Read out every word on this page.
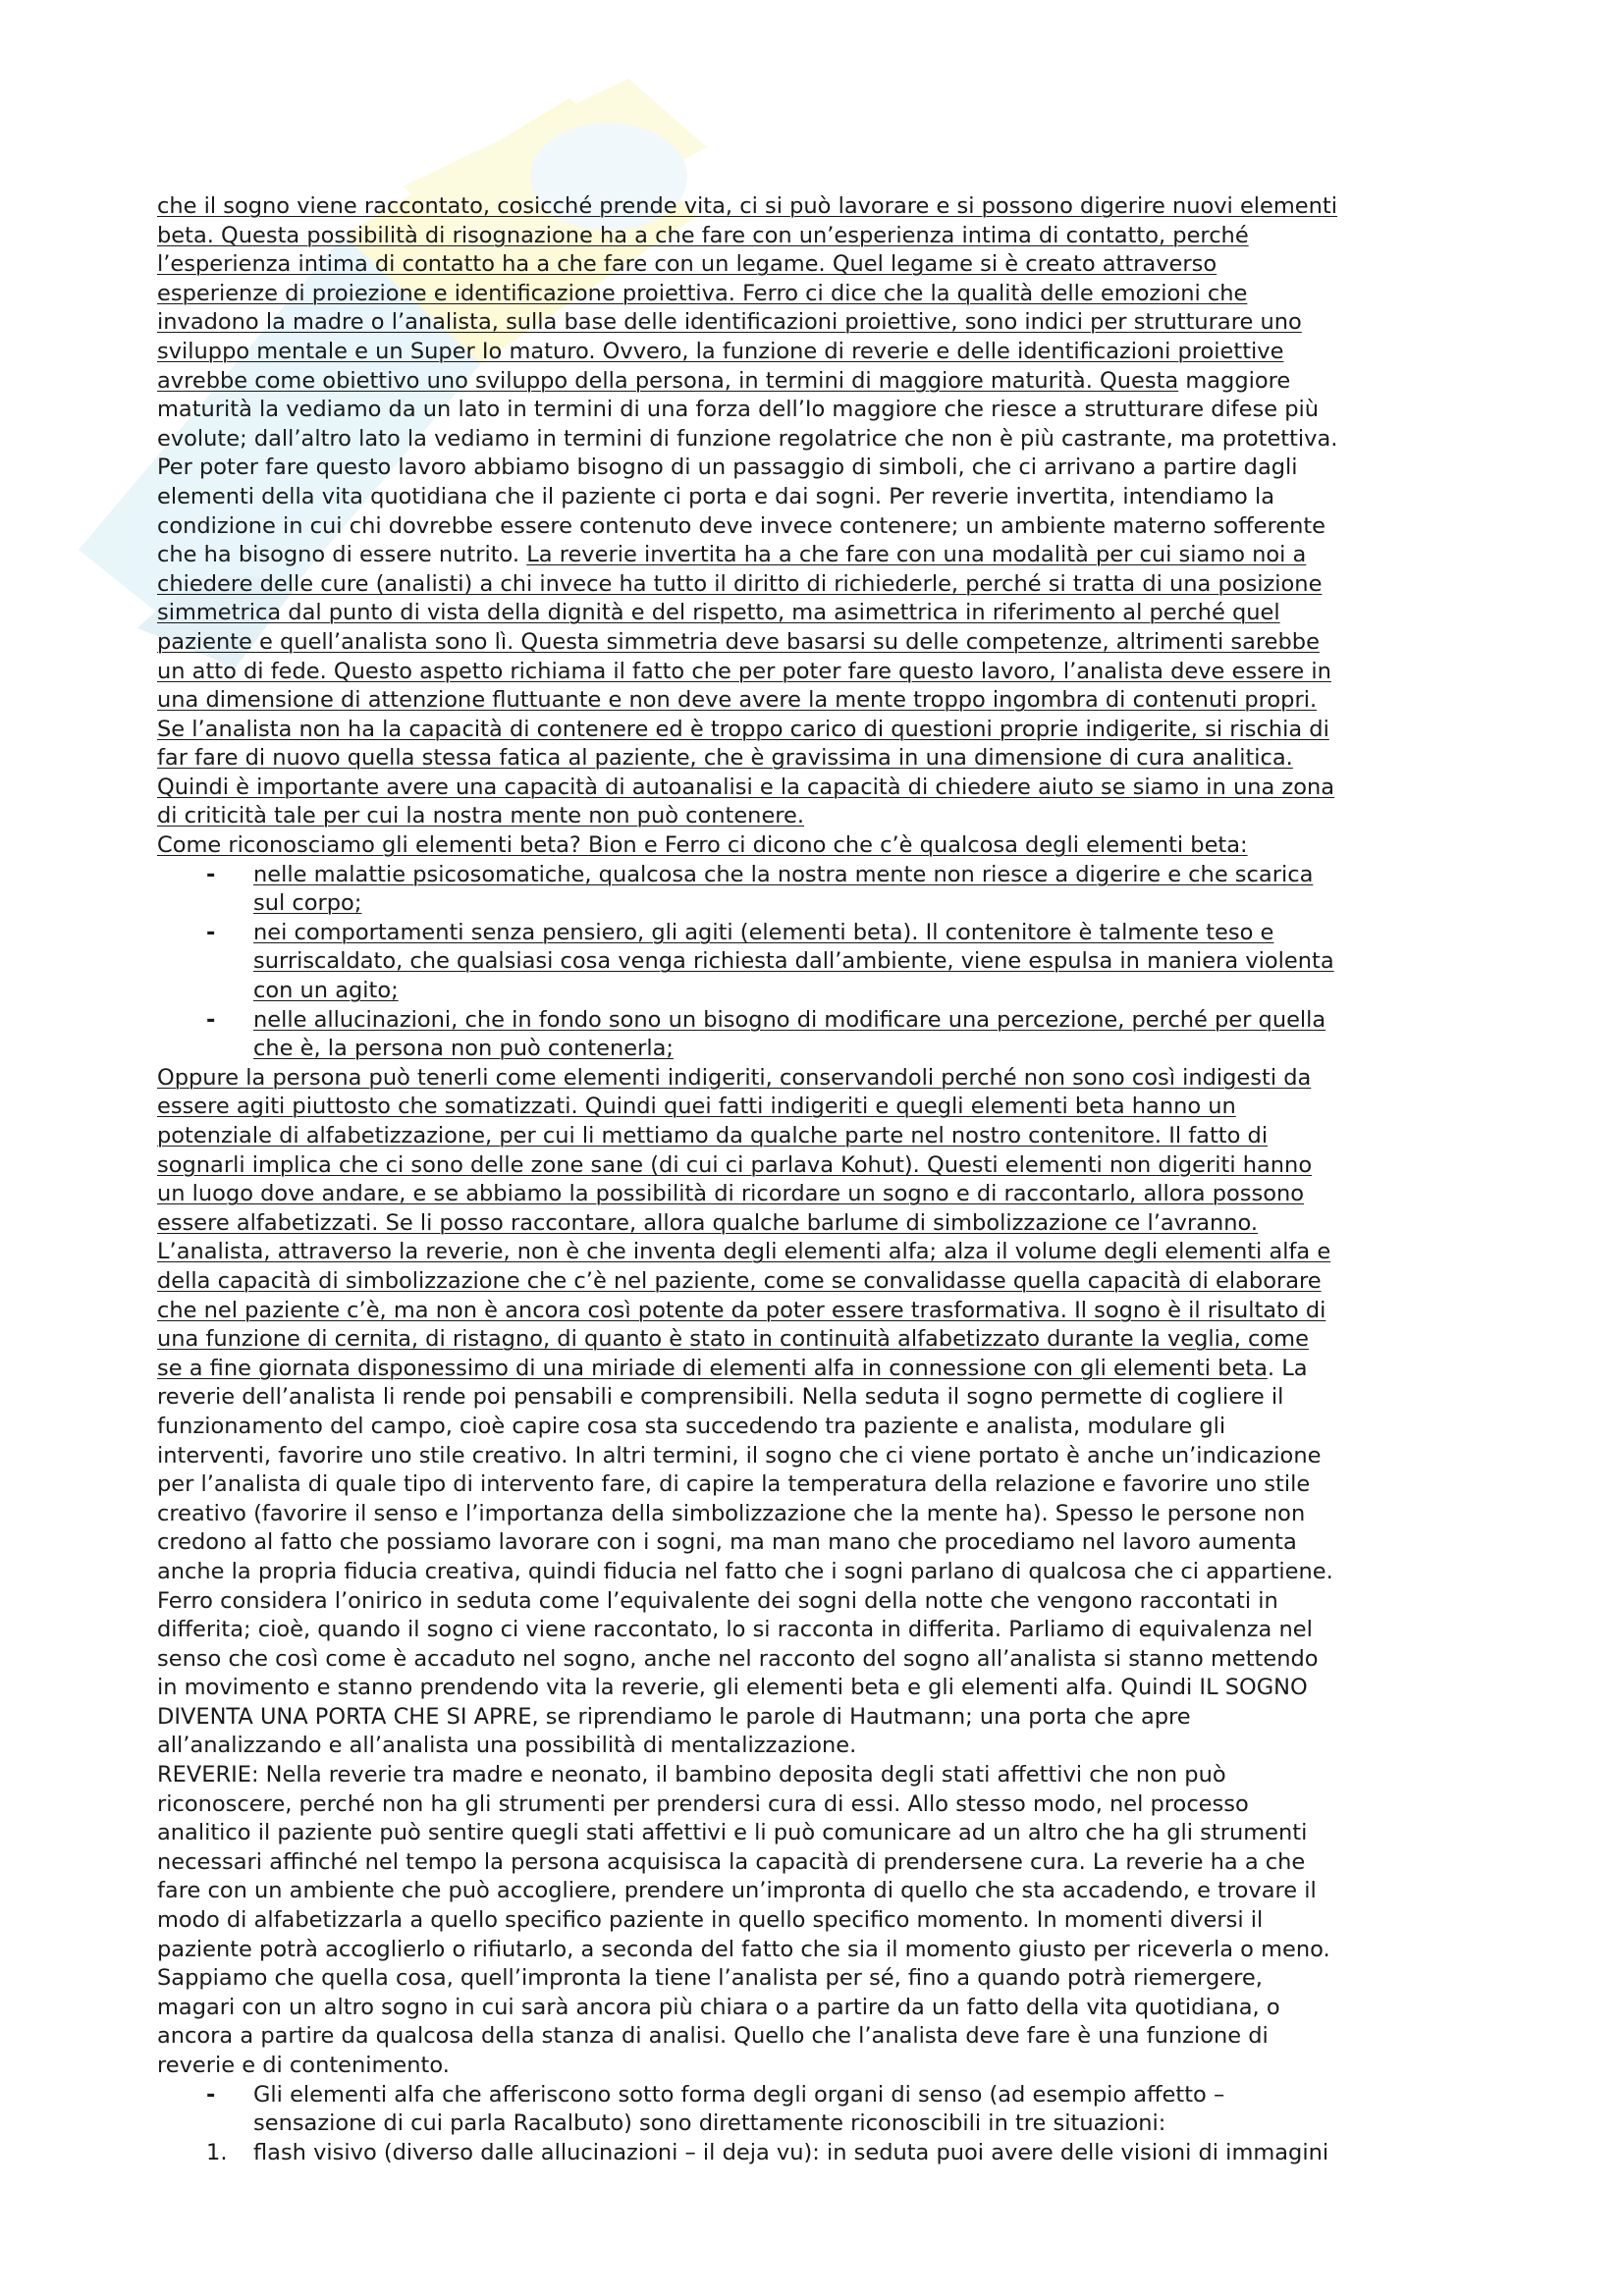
che il sogno viene raccontato, cosicché prende vita, ci si può lavorare e si possono digerire nuovi elementi
beta. Questa possibilità di risognazione ha a che fare con un’esperienza intima di contatto, perché
l’esperienza intima di contatto ha a che fare con un legame. Quel legame si è creato attraverso
esperienze di proiezione e identificazione proiettiva. Ferro ci dice che la qualità delle emozioni che
invadono la madre o l’analista, sulla base delle identificazioni proiettive, sono indici per strutturare uno
sviluppo mentale e un Super Io maturo. Ovvero, la funzione di reverie e delle identificazioni proiettive
avrebbe come obiettivo uno sviluppo della persona, in termini di maggiore maturità. Questa maggiore
maturità la vediamo da un lato in termini di una forza dell’Io maggiore che riesce a strutturare difese più
evolute; dall’altro lato la vediamo in termini di funzione regolatrice che non è più castrante, ma protettiva.
Per poter fare questo lavoro abbiamo bisogno di un passaggio di simboli, che ci arrivano a partire dagli
elementi della vita quotidiana che il paziente ci porta e dai sogni. Per reverie invertita, intendiamo la
condizione in cui chi dovrebbe essere contenuto deve invece contenere; un ambiente materno sofferente
che ha bisogno di essere nutrito. La reverie invertita ha a che fare con una modalità per cui siamo noi a
chiedere delle cure (analisti) a chi invece ha tutto il diritto di richiederle, perché si tratta di una posizione
simmetrica dal punto di vista della dignità e del rispetto, ma asimettrica in riferimento al perché quel
paziente e quell’analista sono lì. Questa simmetria deve basarsi su delle competenze, altrimenti sarebbe
un atto di fede. Questo aspetto richiama il fatto che per poter fare questo lavoro, l’analista deve essere in
una dimensione di attenzione fluttuante e non deve avere la mente troppo ingombra di contenuti propri.
Se l’analista non ha la capacità di contenere ed è troppo carico di questioni proprie indigerite, si rischia di
far fare di nuovo quella stessa fatica al paziente, che è gravissima in una dimensione di cura analitica.
Quindi è importante avere una capacità di autoanalisi e la capacità di chiedere aiuto se siamo in una zona
di criticità tale per cui la nostra mente non può contenere.
Come riconosciamo gli elementi beta? Bion e Ferro ci dicono che c’è qualcosa degli elementi beta:
-	nelle malattie psicosomatiche, qualcosa che la nostra mente non riesce a digerire e che scarica
sul corpo;
-	nei comportamenti senza pensiero, gli agiti (elementi beta). Il contenitore è talmente teso e
surriscaldato, che qualsiasi cosa venga richiesta dall’ambiente, viene espulsa in maniera violenta
con un agito;
-	nelle allucinazioni, che in fondo sono un bisogno di modificare una percezione, perché per quella
che è, la persona non può contenerla;
Oppure la persona può tenerli come elementi indigeriti, conservandoli perché non sono così indigesti da
essere agiti piuttosto che somatizzati. Quindi quei fatti indigeriti e quegli elementi beta hanno un
potenziale di alfabetizzazione, per cui li mettiamo da qualche parte nel nostro contenitore. Il fatto di
sognarli implica che ci sono delle zone sane (di cui ci parlava Kohut). Questi elementi non digeriti hanno
un luogo dove andare, e se abbiamo la possibilità di ricordare un sogno e di raccontarlo, allora possono
essere alfabetizzati. Se li posso raccontare, allora qualche barlume di simbolizzazione ce l’avranno.
L’analista, attraverso la reverie, non è che inventa degli elementi alfa; alza il volume degli elementi alfa e
della capacità di simbolizzazione che c’è nel paziente, come se convalidasse quella capacità di elaborare
che nel paziente c’è, ma non è ancora così potente da poter essere trasformativa. Il sogno è il risultato di
una funzione di cernita, di ristagno, di quanto è stato in continuità alfabetizzato durante la veglia, come
se a fine giornata disponessimo di una miriade di elementi alfa in connessione con gli elementi beta. La
reverie dell’analista li rende poi pensabili e comprensibili. Nella seduta il sogno permette di cogliere il
funzionamento del campo, cioè capire cosa sta succedendo tra paziente e analista, modulare gli
interventi, favorire uno stile creativo. In altri termini, il sogno che ci viene portato è anche un’indicazione
per l’analista di quale tipo di intervento fare, di capire la temperatura della relazione e favorire uno stile
creativo (favorire il senso e l’importanza della simbolizzazione che la mente ha). Spesso le persone non
credono al fatto che possiamo lavorare con i sogni, ma man mano che procediamo nel lavoro aumenta
anche la propria fiducia creativa, quindi fiducia nel fatto che i sogni parlano di qualcosa che ci appartiene.
Ferro considera l’onirico in seduta come l’equivalente dei sogni della notte che vengono raccontati in
differita; cioè, quando il sogno ci viene raccontato, lo si racconta in differita. Parliamo di equivalenza nel
senso che così come è accaduto nel sogno, anche nel racconto del sogno all’analista si stanno mettendo
in movimento e stanno prendendo vita la reverie, gli elementi beta e gli elementi alfa. Quindi IL SOGNO
DIVENTA UNA PORTA CHE SI APRE, se riprendiamo le parole di Hautmann; una porta che apre
all’analizzando e all’analista una possibilità di mentalizzazione.
REVERIE: Nella reverie tra madre e neonato, il bambino deposita degli stati affettivi che non può
riconoscere, perché non ha gli strumenti per prendersi cura di essi. Allo stesso modo, nel processo
analitico il paziente può sentire quegli stati affettivi e li può comunicare ad un altro che ha gli strumenti
necessari affinché nel tempo la persona acquisisca la capacità di prendersene cura. La reverie ha a che
fare con un ambiente che può accogliere, prendere un’impronta di quello che sta accadendo, e trovare il
modo di alfabetizzarla a quello specifico paziente in quello specifico momento. In momenti diversi il
paziente potrà accoglierlo o rifiutarlo, a seconda del fatto che sia il momento giusto per riceverla o meno.
Sappiamo che quella cosa, quell’impronta la tiene l’analista per sé, fino a quando potrà riemergere,
magari con un altro sogno in cui sarà ancora più chiara o a partire da un fatto della vita quotidiana, o
ancora a partire da qualcosa della stanza di analisi. Quello che l’analista deve fare è una funzione di
reverie e di contenimento.
-	Gli elementi alfa che afferiscono sotto forma degli organi di senso (ad esempio affetto –
sensazione di cui parla Racalbuto) sono direttamente riconoscibili in tre situazioni:
1.	flash visivo (diverso dalle allucinazioni – il deja vu): in seduta puoi avere delle visioni di immagini
